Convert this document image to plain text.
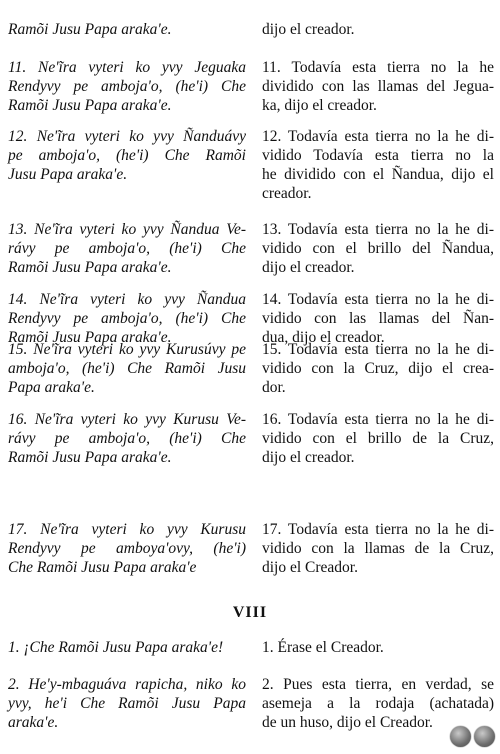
Ramõi Jusu Papa araka'e.	dijo el creador.
11. Ne'ĩra vyteri ko yvy Jeguaka
Rendyvy pe amboja'o, (he'i) Che
Ramõi Jusu Papa araka'e.
11. Todavía esta tierra no la he
dividido con las llamas del Jegua-
ka, dijo el creador.
12. Ne'ĩra vyteri ko yvy Ñanduávy
pe amboja'o, (he'i) Che Ramõi
Jusu Papa araka'e.
12. Todavía esta tierra no la he di-
vidido Todavía esta tierra no la
he dividido con el Ñandua, dijo el
creador.
13. Ne'ĩra vyteri ko yvy Ñandua Ve-
rávy pe amboja'o, (he'i) Che
Ramõi Jusu Papa araka'e.
13. Todavía esta tierra no la he di-
vidido con el brillo del Ñandua,
dijo el creador.
14. Ne'ĩra vyteri ko yvy Ñandua
Rendyvy pe amboja'o, (he'i) Che
Ramõi Jusu Papa araka'e.
14. Todavía esta tierra no la he di-
vidido con las llamas del Ñan-
dua, dijo el creador.
15. Ne'ĩra vyteri ko yvy Kurusúvy pe
amboja'o, (he'i) Che Ramõi Jusu
Papa araka'e.
15. Todavía esta tierra no la he di-
vidido con la Cruz, dijo el crea-
dor.
16. Ne'ĩra vyteri ko yvy Kurusu Ve-
rávy pe amboja'o, (he'i) Che
Ramõi Jusu Papa araka'e.
16. Todavía esta tierra no la he di-
vidido con el brillo de la Cruz,
dijo el creador.
17. Ne'ĩra vyteri ko yvy Kurusu
Rendyvy pe amboya'ovy, (he'i)
Che Ramõi Jusu Papa araka'e
17. Todavía esta tierra no la he di-
vidido con la llamas de la Cruz,
dijo el Creador.
1. ¡Che Ramõi Jusu Papa araka'e!	1. Érase el Creador.
2. He'y-mbaguáva rapicha, niko ko
yvy, he'i Che Ramõi Jusu Papa
araka'e.
2. Pues esta tierra, en verdad, se
asemeja a la rodaja (achatada)
de un huso, dijo el Creador.
VIII
